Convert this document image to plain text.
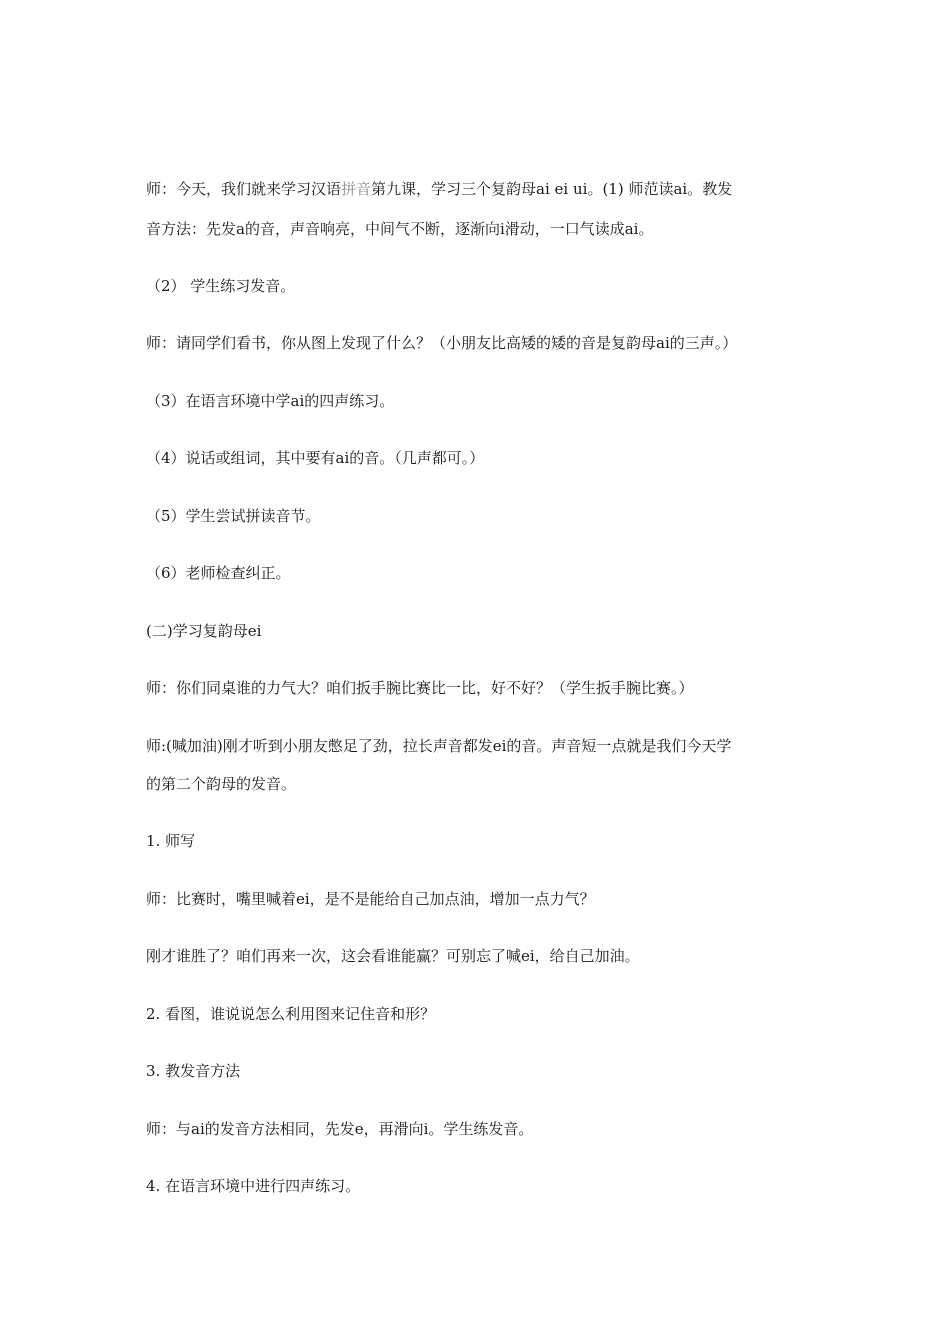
师：今天，我们就来学习汉语拼音第九课，学习三个复韵母ai ei ui。(1) 师范读ai。教发
音方法：先发a的音，声音响亮，中间气不断，逐渐向i滑动，一口气读成ai。
（2） 学生练习发音。
师：请同学们看书，你从图上发现了什么？（小朋友比高矮的矮的音是复韵母ai的三声。）
（3）在语言环境中学ai的四声练习。
（4）说话或组词，其中要有ai的音。（几声都可。）
（5）学生尝试拼读音节。
（6）老师检查纠正。
(二)学习复韵母ei
师：你们同桌谁的力气大？咱们扳手腕比赛比一比，好不好？（学生扳手腕比赛。）
师:(喊加油)刚才听到小朋友憋足了劲，拉长声音都发ei的音。声音短一点就是我们今天学
的第二个韵母的发音。
1. 师写
师：比赛时，嘴里喊着ei，是不是能给自己加点油，增加一点力气？
刚才谁胜了？咱们再来一次，这会看谁能赢？可别忘了喊ei，给自己加油。
2. 看图，谁说说怎么利用图来记住音和形？
3. 教发音方法
师：与ai的发音方法相同，先发e，再滑向i。学生练发音。
4. 在语言环境中进行四声练习。
